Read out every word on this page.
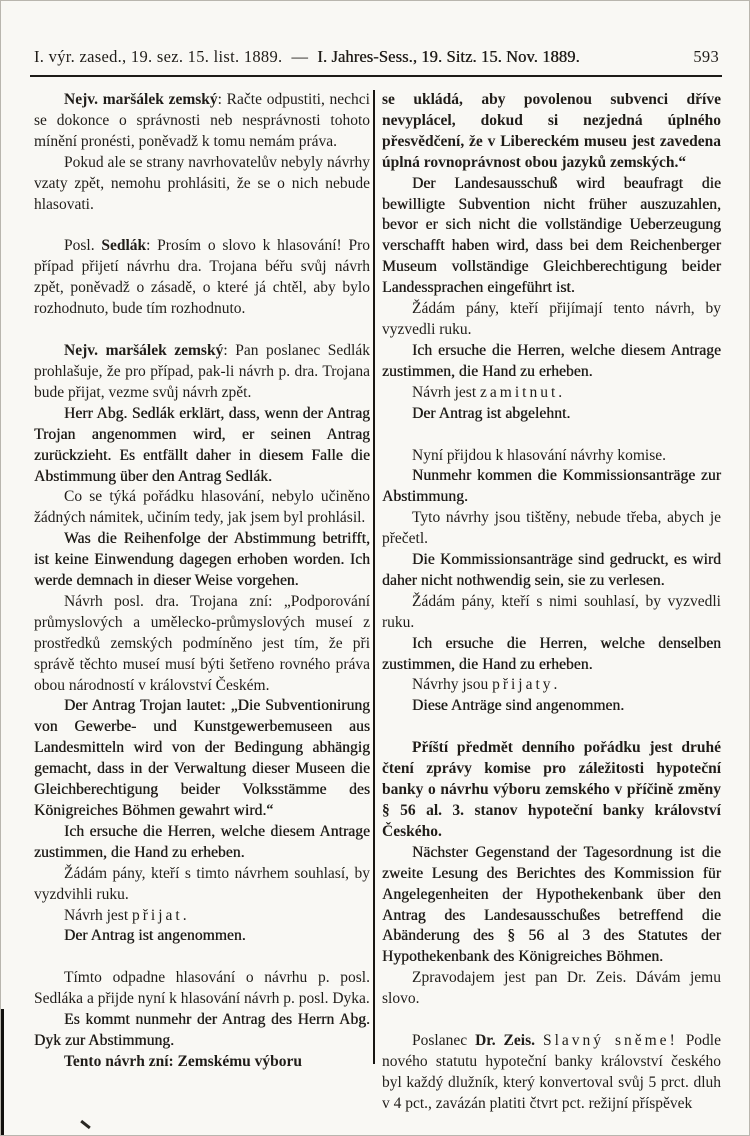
I. výr. zased., 19. sez. 15. list. 1889. — I. Jahres-Sess., 19. Sitz. 15. Nov. 1889.	593

Nejv. maršálek zemský: Račte odpustiti, nechci se dokonce o správnosti neb nesprávnosti tohoto mínění pronésti, poněvadž k tomu nemám práva.

Pokud ale se strany navrhovatelův nebyly návrhy vzaty zpět, nemohu prohlásiti, že se o nich nebude hlasovati.

Posl. Sedlák: Prosím o slovo k hlasování! Pro případ přijetí návrhu dra. Trojana béřu svůj návrh zpět, poněvadž o zásadě, o které já chtěl, aby bylo rozhodnuto, bude tím rozhodnuto.

Nejv. maršálek zemský: Pan poslanec Sedlák prohlašuje, že pro případ, pak-li návrh p. dra. Trojana bude přijat, vezme svůj návrh zpět.

Herr Abg. Sedlák erklärt, dass, wenn der Antrag Trojan angenommen wird, er seinen Antrag zurückzieht. Es entfällt daher in diesem Falle die Abstimmung über den Antrag Sedlák.

Co se týká pořádku hlasování, nebylo učiněno žádných námitek, učiním tedy, jak jsem byl prohlásil.

Was die Reihenfolge der Abstimmung betrifft, ist keine Einwendung dagegen erhoben worden. Ich werde demnach in dieser Weise vorgehen.

Návrh posl. dra. Trojana zní: „Podporování průmyslových a umělecko-průmyslových museí z prostředků zemských podmíněno jest tím, že při správě těchto museí musí býti šetřeno rovného práva obou národností v království Českém.

Der Antrag Trojan lautet: „Die Subventionirung von Gewerbe- und Kunstgewerbemuseen aus Landesmitteln wird von der Bedingung abhängig gemacht, dass in der Verwaltung dieser Museen die Gleichberechtigung beider Volksstämme des Königreiches Böhmen gewahrt wird.“

Ich ersuche die Herren, welche diesem Antrage zustimmen, die Hand zu erheben.

Žádám pány, kteří s timto návrhem souhlasí, by vyzdvihli ruku.

Návrh jest přijat.

Der Antrag ist angenommen.

Tímto odpadne hlasování o návrhu p. posl. Sedláka a přijde nyní k hlasování návrh p. posl. Dyka.

Es kommt nunmehr der Antrag des Herrn Abg. Dyk zur Abstimmung.

Tento návrh zní: Zemskému výboru

se ukládá, aby povolenou subvenci dříve nevyplácel, dokud si nezjedná úplného přesvědčení, že v Libereckém museu jest zavedena úplná rovnoprávnost obou jazyků zemských.“

Der Landesausschuß wird beaufragt die bewilligte Subvention nicht früher auszuzahlen, bevor er sich nicht die vollständige Ueberzeugung verschafft haben wird, dass bei dem Reichenberger Museum vollständige Gleichberechtigung beider Landessprachen eingeführt ist.

Žádám pány, kteří přijímají tento návrh, by vyzvedli ruku.

Ich ersuche die Herren, welche diesem Antrage zustimmen, die Hand zu erheben.

Návrh jest zamitnut.

Der Antrag ist abgelehnt.

Nyní přijdou k hlasování návrhy komise.

Nunmehr kommen die Kommissionsanträge zur Abstimmung.

Tyto návrhy jsou tištěny, nebude třeba, abych je přečetl.

Die Kommissionsanträge sind gedruckt, es wird daher nicht nothwendig sein, sie zu verlesen.

Žádám pány, kteří s nimi souhlasí, by vyzvedli ruku.

Ich ersuche die Herren, welche denselben zustimmen, die Hand zu erheben.

Návrhy jsou přijaty.

Diese Anträge sind angenommen.

Příští předmět denního pořádku jest druhé čtení zprávy komise pro záležitosti hypoteční banky o návrhu výboru zemského v příčině změny § 56 al. 3. stanov hypoteční banky království Českého.

Nächster Gegenstand der Tagesordnung ist die zweite Lesung des Berichtes des Kommission für Angelegenheiten der Hypothekenbank über den Antrag des Landesausschußes betreffend die Abänderung des § 56 al 3 des Statutes der Hypothekenbank des Königreiches Böhmen.

Zpravodajem jest pan Dr. Zeis. Dávám jemu slovo.

Poslanec Dr. Zeis. Slavný sněme! Podle nového statutu hypoteční banky království českého byl každý dlužník, který konvertoval svůj 5 prct. dluh v 4 pct., zavázán platiti čtvrt pct. režijní příspěvek
